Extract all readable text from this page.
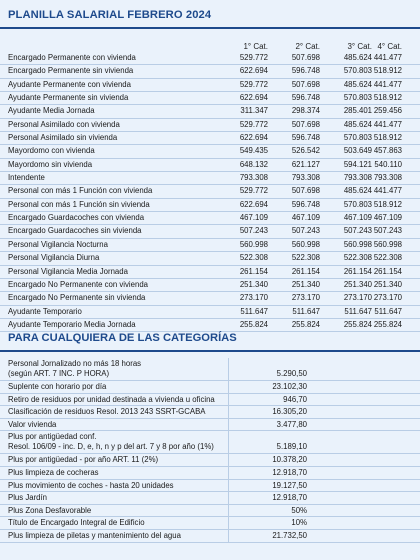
PLANILLA SALARIAL FEBRERO 2024
1° Cat.	2° Cat.	3° Cat. 4° Cat.
Encargado Permanente con vivienda	529.772	507.698	485.624 441.477
Encargado Permanente sin vivienda	622.694	596.748	570.803 518.912
Ayudante Permanente con vivienda	529.772	507.698	485.624 441.477
Ayudante Permanente sin vivienda	622.694	596.748	570.803 518.912
Ayudante Media Jornada	311.347	298.374	285.401 259.456
Personal Asimilado con vivienda	529.772	507.698	485.624 441.477
Personal Asimilado sin vivienda	622.694	596.748	570.803 518.912
Mayordomo con vivienda	549.435	526.542	503.649 457.863
Mayordomo sin vivienda	648.132	621.127	594.121 540.110
Intendente	793.308	793.308	793.308 793.308
Personal con más 1 Función con vivienda	529.772	507.698	485.624 441.477
Personal con más 1 Función sin vivienda	622.694	596.748	570.803 518.912
Encargado Guardacoches con vivienda	467.109	467.109	467.109 467.109
Encargado Guardacoches sin vivienda	507.243	507.243	507.243 507.243
Personal Vigilancia Nocturna	560.998	560.998	560.998 560.998
Personal Vigilancia Diurna	522.308	522.308	522.308 522.308
Personal Vigilancia Media Jornada	261.154	261.154	261.154 261.154
Encargado No Permanente con vivienda	251.340	251.340	251.340 251.340
Encargado No Permanente sin vivienda	273.170	273.170	273.170 273.170
Ayudante Temporario	511.647	511.647	511.647 511.647
Ayudante Temporario Media Jornada	255.824	255.824	255.824 255.824
PARA CUALQUIERA DE LAS CATEGORÍAS
Personal Jornalizado no más 18 horas
(según ART. 7 INC. P HORA)	5.290,50
Suplente con horario por día	23.102,30
Retiro de residuos por unidad destinada a vivienda u oficina	946,70
Clasificación de residuos Resol. 2013 243 SSRT-GCABA	16.305,20
Valor vivienda	3.477,80
Plus por antigüedad conf.
Resol. 106/09 - inc. D, e, h, n y p del art. 7 y 8 por año (1%)	5.189,10
Plus por antigüedad - por año ART. 11 (2%)	10.378,20
Plus limpieza de cocheras	12.918,70
Plus movimiento de coches - hasta 20 unidades	19.127,50
Plus Jardín	12.918,70
Plus Zona Desfavorable	50%
Título de Encargado Integral de Edificio	10%
Plus limpieza de piletas y mantenimiento del agua	21.732,50
